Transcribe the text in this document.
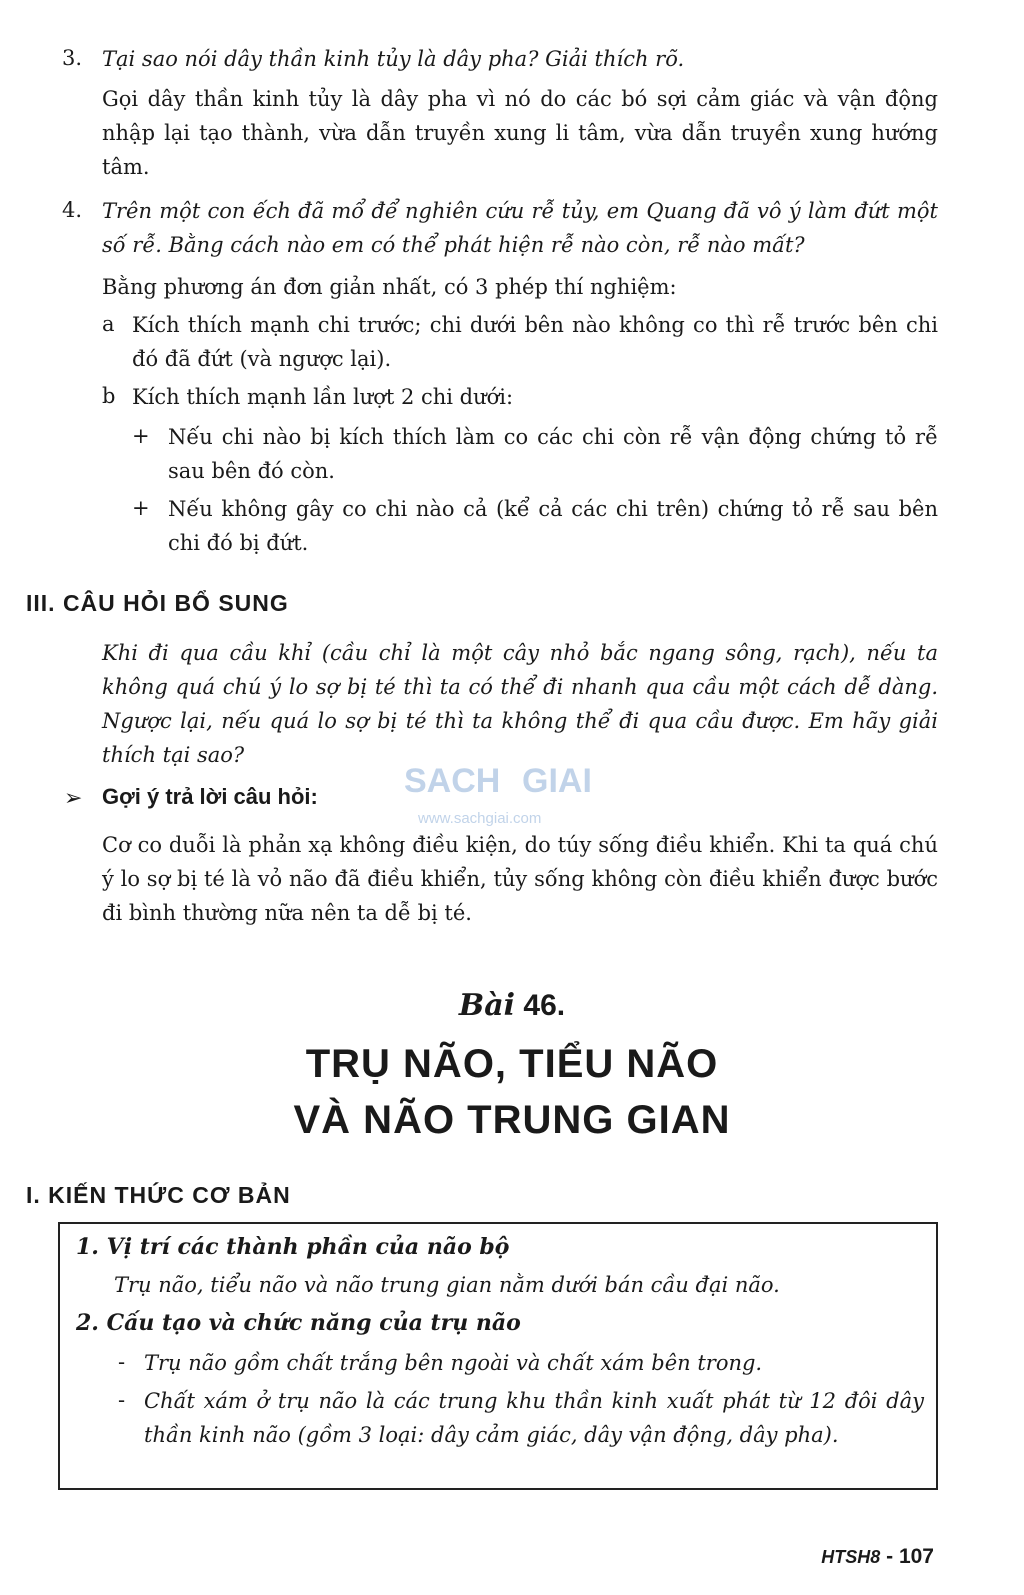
3. Tại sao nói dây thần kinh tủy là dây pha? Giải thích rõ.
Gọi dây thần kinh tủy là dây pha vì nó do các bó sợi cảm giác và vận động nhập lại tạo thành, vừa dẫn truyền xung li tâm, vừa dẫn truyền xung hướng tâm.
4. Trên một con ếch đã mổ để nghiên cứu rễ tủy, em Quang đã vô ý làm đứt một số rễ. Bằng cách nào em có thể phát hiện rễ nào còn, rễ nào mất?
Bằng phương án đơn giản nhất, có 3 phép thí nghiệm:
a Kích thích mạnh chi trước; chi dưới bên nào không co thì rễ trước bên chi đó đã đứt (và ngược lại).
b Kích thích mạnh lần lượt 2 chi dưới:
+ Nếu chi nào bị kích thích làm co các chi còn rễ vận động chứng tỏ rễ sau bên đó còn.
+ Nếu không gây co chi nào cả (kể cả các chi trên) chứng tỏ rễ sau bên chi đó bị đứt.
III. CÂU HỎI BỔ SUNG
Khi đi qua cầu khỉ (cầu chỉ là một cây nhỏ bắc ngang sông, rạch), nếu ta không quá chú ý lo sợ bị té thì ta có thể đi nhanh qua cầu một cách dễ dàng. Ngược lại, nếu quá lo sợ bị té thì ta không thể đi qua cầu được. Em hãy giải thích tại sao?
➢ Gợi ý trả lời câu hỏi:
Cơ co duỗi là phản xạ không điều kiện, do túy sống điều khiển. Khi ta quá chú ý lo sợ bị té là vỏ não đã điều khiển, tủy sống không còn điều khiển được bước đi bình thường nữa nên ta dễ bị té.
SACH GIAI
www.sachgiai.com
Bài 46.
TRỤ NÃO, TIỂU NÃO
VÀ NÃO TRUNG GIAN
I. KIẾN THỨC CƠ BẢN
1. Vị trí các thành phần của não bộ
Trụ não, tiểu não và não trung gian nằm dưới bán cầu đại não.
2. Cấu tạo và chức năng của trụ não
- Trụ não gồm chất trắng bên ngoài và chất xám bên trong.
- Chất xám ở trụ não là các trung khu thần kinh xuất phát từ 12 đôi dây thần kinh não (gồm 3 loại: dây cảm giác, dây vận động, dây pha).
HTSH8 - 107
